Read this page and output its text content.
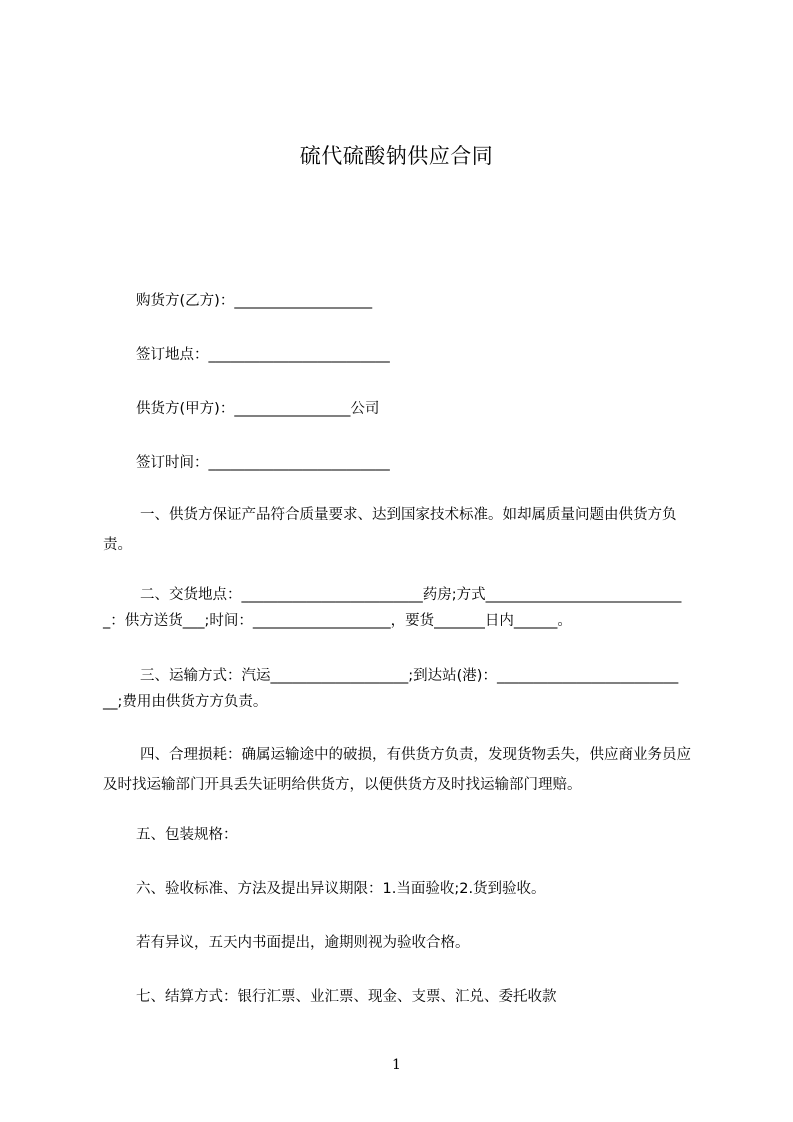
硫代硫酸钠供应合同
购货方(乙方)：___________________
签订地点：_________________________
供货方(甲方)：________________公司
签订时间：_________________________
一、供货方保证产品符合质量要求、达到国家技术标准。如却属质量问题由供货方负责。
二、交货地点：_________________________药房;方式___________________________
_：供方送货___;时间：___________________，要货_______日内______。
三、运输方式：汽运___________________;到达站(港)：_________________________
__;费用由供货方方负责。
四、合理损耗：确属运输途中的破损，有供货方负责，发现货物丢失，供应商业务员应及时找运输部门开具丢失证明给供货方，以便供货方及时找运输部门理赔。
五、包装规格：
六、验收标准、方法及提出异议期限：1.当面验收;2.货到验收。
若有异议，五天内书面提出，逾期则视为验收合格。
七、结算方式：银行汇票、业汇票、现金、支票、汇兑、委托收款
1
